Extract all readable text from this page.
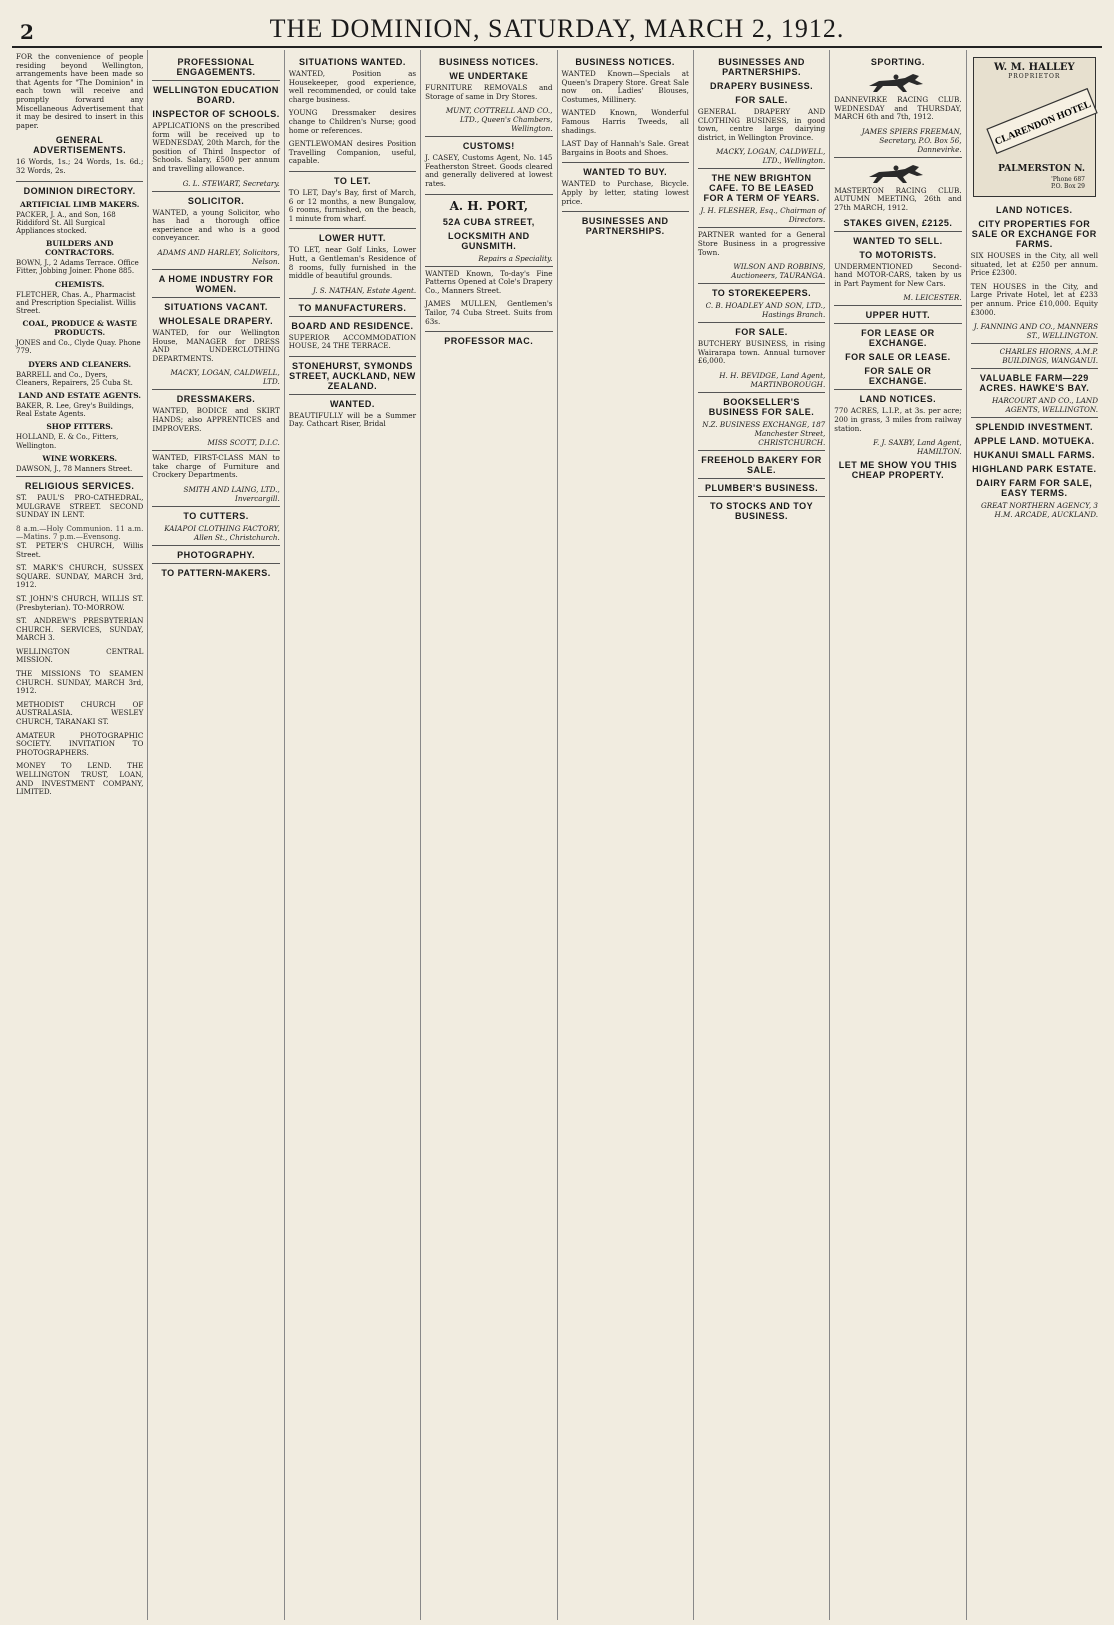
2	THE DOMINION, SATURDAY, MARCH 2, 1912.
FOR the convenience of people residing beyond Wellington, arrangements have been made so that Agents for "The Dominion" in each town will receive and promptly forward any Miscellaneous Advertisement that it may be desired to insert in this paper.
GENERAL ADVERTISEMENTS.
16 Words, 1s.; 24 Words, 1s. 6d.; 32 Words, 2s.
DOMINION DIRECTORY.
ARTIFICIAL LIMB MAKERS.
PACKER, J. A., and Son, 168 Riddiford St. All Surgical Appliances stocked.
BUILDERS AND CONTRACTORS.
BOWN, J., 2 Adams Terrace. Office Fitter, Jobbing Joiner. Phone 885.
CHEMISTS.
FLETCHER, Chas. A., Pharmacist and Prescription Specialist. Willis Street.
COAL, PRODUCE & WASTE PRODUCTS.
JONES and Co., Clyde Quay. Phone 779.
DYERS AND CLEANERS.
BARRELL and Co., Dyers, Cleaners, Repairers, 25 Cuba St.
LAND AND ESTATE AGENTS.
BAKER, R. Lee, Grey's Buildings, Real Estate Agents.
SHOP FITTERS.
HOLLAND, E. & Co., Fitters, Wellington.
WINE WORKERS.
DAWSON, J., 78 Manners Street.
RELIGIOUS SERVICES.
ST. PAUL'S PRO-CATHEDRAL, MULGRAVE STREET. SECOND SUNDAY IN LENT.
8 a.m.—Holy Communion. 11 a.m.—Matins. 7 p.m.—Evensong.
ST. PETER'S CHURCH, Willis Street.
ST. MARK'S CHURCH, SUSSEX SQUARE. SUNDAY, MARCH 3rd, 1912.
ST. JOHN'S CHURCH, WILLIS ST. (Presbyterian). TO-MORROW.
ST. ANDREW'S PRESBYTERIAN CHURCH. SERVICES, SUNDAY, MARCH 3.
WELLINGTON CENTRAL MISSION.
THE MISSIONS TO SEAMEN CHURCH. SUNDAY, MARCH 3rd, 1912.
METHODIST CHURCH OF AUSTRALASIA. WESLEY CHURCH, TARANAKI ST.
AMATEUR PHOTOGRAPHIC SOCIETY. INVITATION TO PHOTOGRAPHERS.
MONEY TO LEND. THE WELLINGTON TRUST, LOAN, AND INVESTMENT COMPANY, LIMITED.
PROFESSIONAL ENGAGEMENTS.
WELLINGTON EDUCATION BOARD.
INSPECTOR OF SCHOOLS.
APPLICATIONS on the prescribed form will be received up to WEDNESDAY, 20th March, for the position of Third Inspector of Schools. Salary, £500 per annum and travelling allowance.
G. L. STEWART, Secretary.
SOLICITOR.
WANTED, a young Solicitor, who has had a thorough office experience and who is a good conveyancer.
ADAMS AND HARLEY, Solicitors, Nelson.
A HOME INDUSTRY FOR WOMEN.
SITUATIONS VACANT.
WHOLESALE DRAPERY.
WANTED, for our Wellington House, MANAGER for DRESS AND UNDERCLOTHING DEPARTMENTS.
MACKY, LOGAN, CALDWELL, LTD.
DRESSMAKERS.
WANTED, BODICE and SKIRT HANDS; also APPRENTICES and IMPROVERS.
MISS SCOTT, D.I.C.
WANTED, FIRST-CLASS MAN to take charge of Furniture and Crockery Departments.
SMITH AND LAING, LTD., Invercargill.
TO CUTTERS.
KAIAPOI CLOTHING FACTORY, Allen St., Christchurch.
PHOTOGRAPHY.
TO PATTERN-MAKERS.
SITUATIONS WANTED.
WANTED, Position as Housekeeper, good experience, well recommended, or could take charge business.
YOUNG Dressmaker desires change to Children's Nurse; good home or references.
GENTLEWOMAN desires Position Travelling Companion, useful, capable.
TO LET.
TO LET, Day's Bay, first of March, 6 or 12 months, a new Bungalow, 6 rooms, furnished, on the beach, 1 minute from wharf.
LOWER HUTT.
TO LET, near Golf Links, Lower Hutt, a Gentleman's Residence of 8 rooms, fully furnished in the middle of beautiful grounds.
J. S. NATHAN, Estate Agent.
TO MANUFACTURERS.
BOARD AND RESIDENCE.
SUPERIOR ACCOMMODATION HOUSE, 24 THE TERRACE.
STONEHURST, SYMONDS STREET, AUCKLAND, NEW ZEALAND.
WANTED.
BEAUTIFULLY will be a Summer Day. Cathcart Riser, Bridal
BUSINESS NOTICES.
WE UNDERTAKE
FURNITURE REMOVALS and Storage of same in Dry Stores.
MUNT, COTTRELL AND CO., LTD., Queen's Chambers, Wellington.
CUSTOMS!
J. CASEY, Customs Agent, No. 145 Featherston Street. Goods cleared and generally delivered at lowest rates.
A. H. PORT,
52A CUBA STREET,
LOCKSMITH AND GUNSMITH.
Repairs a Speciality.
WANTED Known, To-day's Fine Patterns Opened at Cole's Drapery Co., Manners Street.
JAMES MULLEN, Gentlemen's Tailor, 74 Cuba Street. Suits from 63s.
PROFESSOR MAC.
BUSINESS NOTICES.
WANTED Known—Specials at Queen's Drapery Store. Great Sale now on. Ladies' Blouses, Costumes, Millinery.
WANTED Known, Wonderful Famous Harris Tweeds, all shadings.
LAST Day of Hannah's Sale. Great Bargains in Boots and Shoes.
WANTED TO BUY.
WANTED to Purchase, Bicycle. Apply by letter, stating lowest price.
BUSINESSES AND PARTNERSHIPS.
BUSINESSES AND PARTNERSHIPS.
DRAPERY BUSINESS.
FOR SALE.
GENERAL DRAPERY AND CLOTHING BUSINESS, in good town, centre large dairying district, in Wellington Province.
MACKY, LOGAN, CALDWELL, LTD., Wellington.
THE NEW BRIGHTON CAFE. TO BE LEASED FOR A TERM OF YEARS.
J. H. FLESHER, Esq., Chairman of Directors.
PARTNER wanted for a General Store Business in a progressive Town.
WILSON AND ROBBINS, Auctioneers, TAURANGA.
TO STOREKEEPERS.
C. B. HOADLEY AND SON, LTD., Hastings Branch.
FOR SALE.
BUTCHERY BUSINESS, in rising Wairarapa town. Annual turnover £6,000.
H. H. BEVIDGE, Land Agent, MARTINBOROUGH.
BOOKSELLER'S BUSINESS FOR SALE.
N.Z. BUSINESS EXCHANGE, 187 Manchester Street, CHRISTCHURCH.
FREEHOLD BAKERY FOR SALE.
PLUMBER'S BUSINESS.
TO STOCKS AND TOY BUSINESS.
SPORTING.
DANNEVIRKE RACING CLUB. WEDNESDAY and THURSDAY, MARCH 6th and 7th, 1912.
JAMES SPIERS FREEMAN, Secretary, P.O. Box 56, Dannevirke.
MASTERTON RACING CLUB. AUTUMN MEETING, 26th and 27th MARCH, 1912.
STAKES GIVEN, £2125.
WANTED TO SELL.
TO MOTORISTS.
UNDERMENTIONED Second-hand MOTOR-CARS, taken by us in Part Payment for New Cars.
M. LEICESTER.
UPPER HUTT.
FOR LEASE OR EXCHANGE.
FOR SALE OR LEASE.
FOR SALE OR EXCHANGE.
LAND NOTICES.
770 ACRES, L.I.P., at 3s. per acre; 200 in grass, 3 miles from railway station.
F. J. SAXBY, Land Agent, HAMILTON.
LET ME SHOW YOU THIS CHEAP PROPERTY.
W. M. HALLEY
PROPRIETOR
CLARENDON HOTEL
PALMERSTON N.
'Phone 687
P.O. Box 29
LAND NOTICES.
CITY PROPERTIES FOR SALE OR EXCHANGE FOR FARMS.
SIX HOUSES in the City, all well situated, let at £250 per annum. Price £2300.
TEN HOUSES in the City, and Large Private Hotel, let at £233 per annum. Price £10,000. Equity £3000.
J. FANNING AND CO., MANNERS ST., WELLINGTON.
CHARLES HIORNS, A.M.P. BUILDINGS, WANGANUI.
VALUABLE FARM—229 ACRES. HAWKE'S BAY.
HARCOURT AND CO., LAND AGENTS, WELLINGTON.
SPLENDID INVESTMENT.
APPLE LAND. MOTUEKA.
HUKANUI SMALL FARMS.
HIGHLAND PARK ESTATE.
DAIRY FARM FOR SALE, EASY TERMS.
GREAT NORTHERN AGENCY, 3 H.M. ARCADE, AUCKLAND.
